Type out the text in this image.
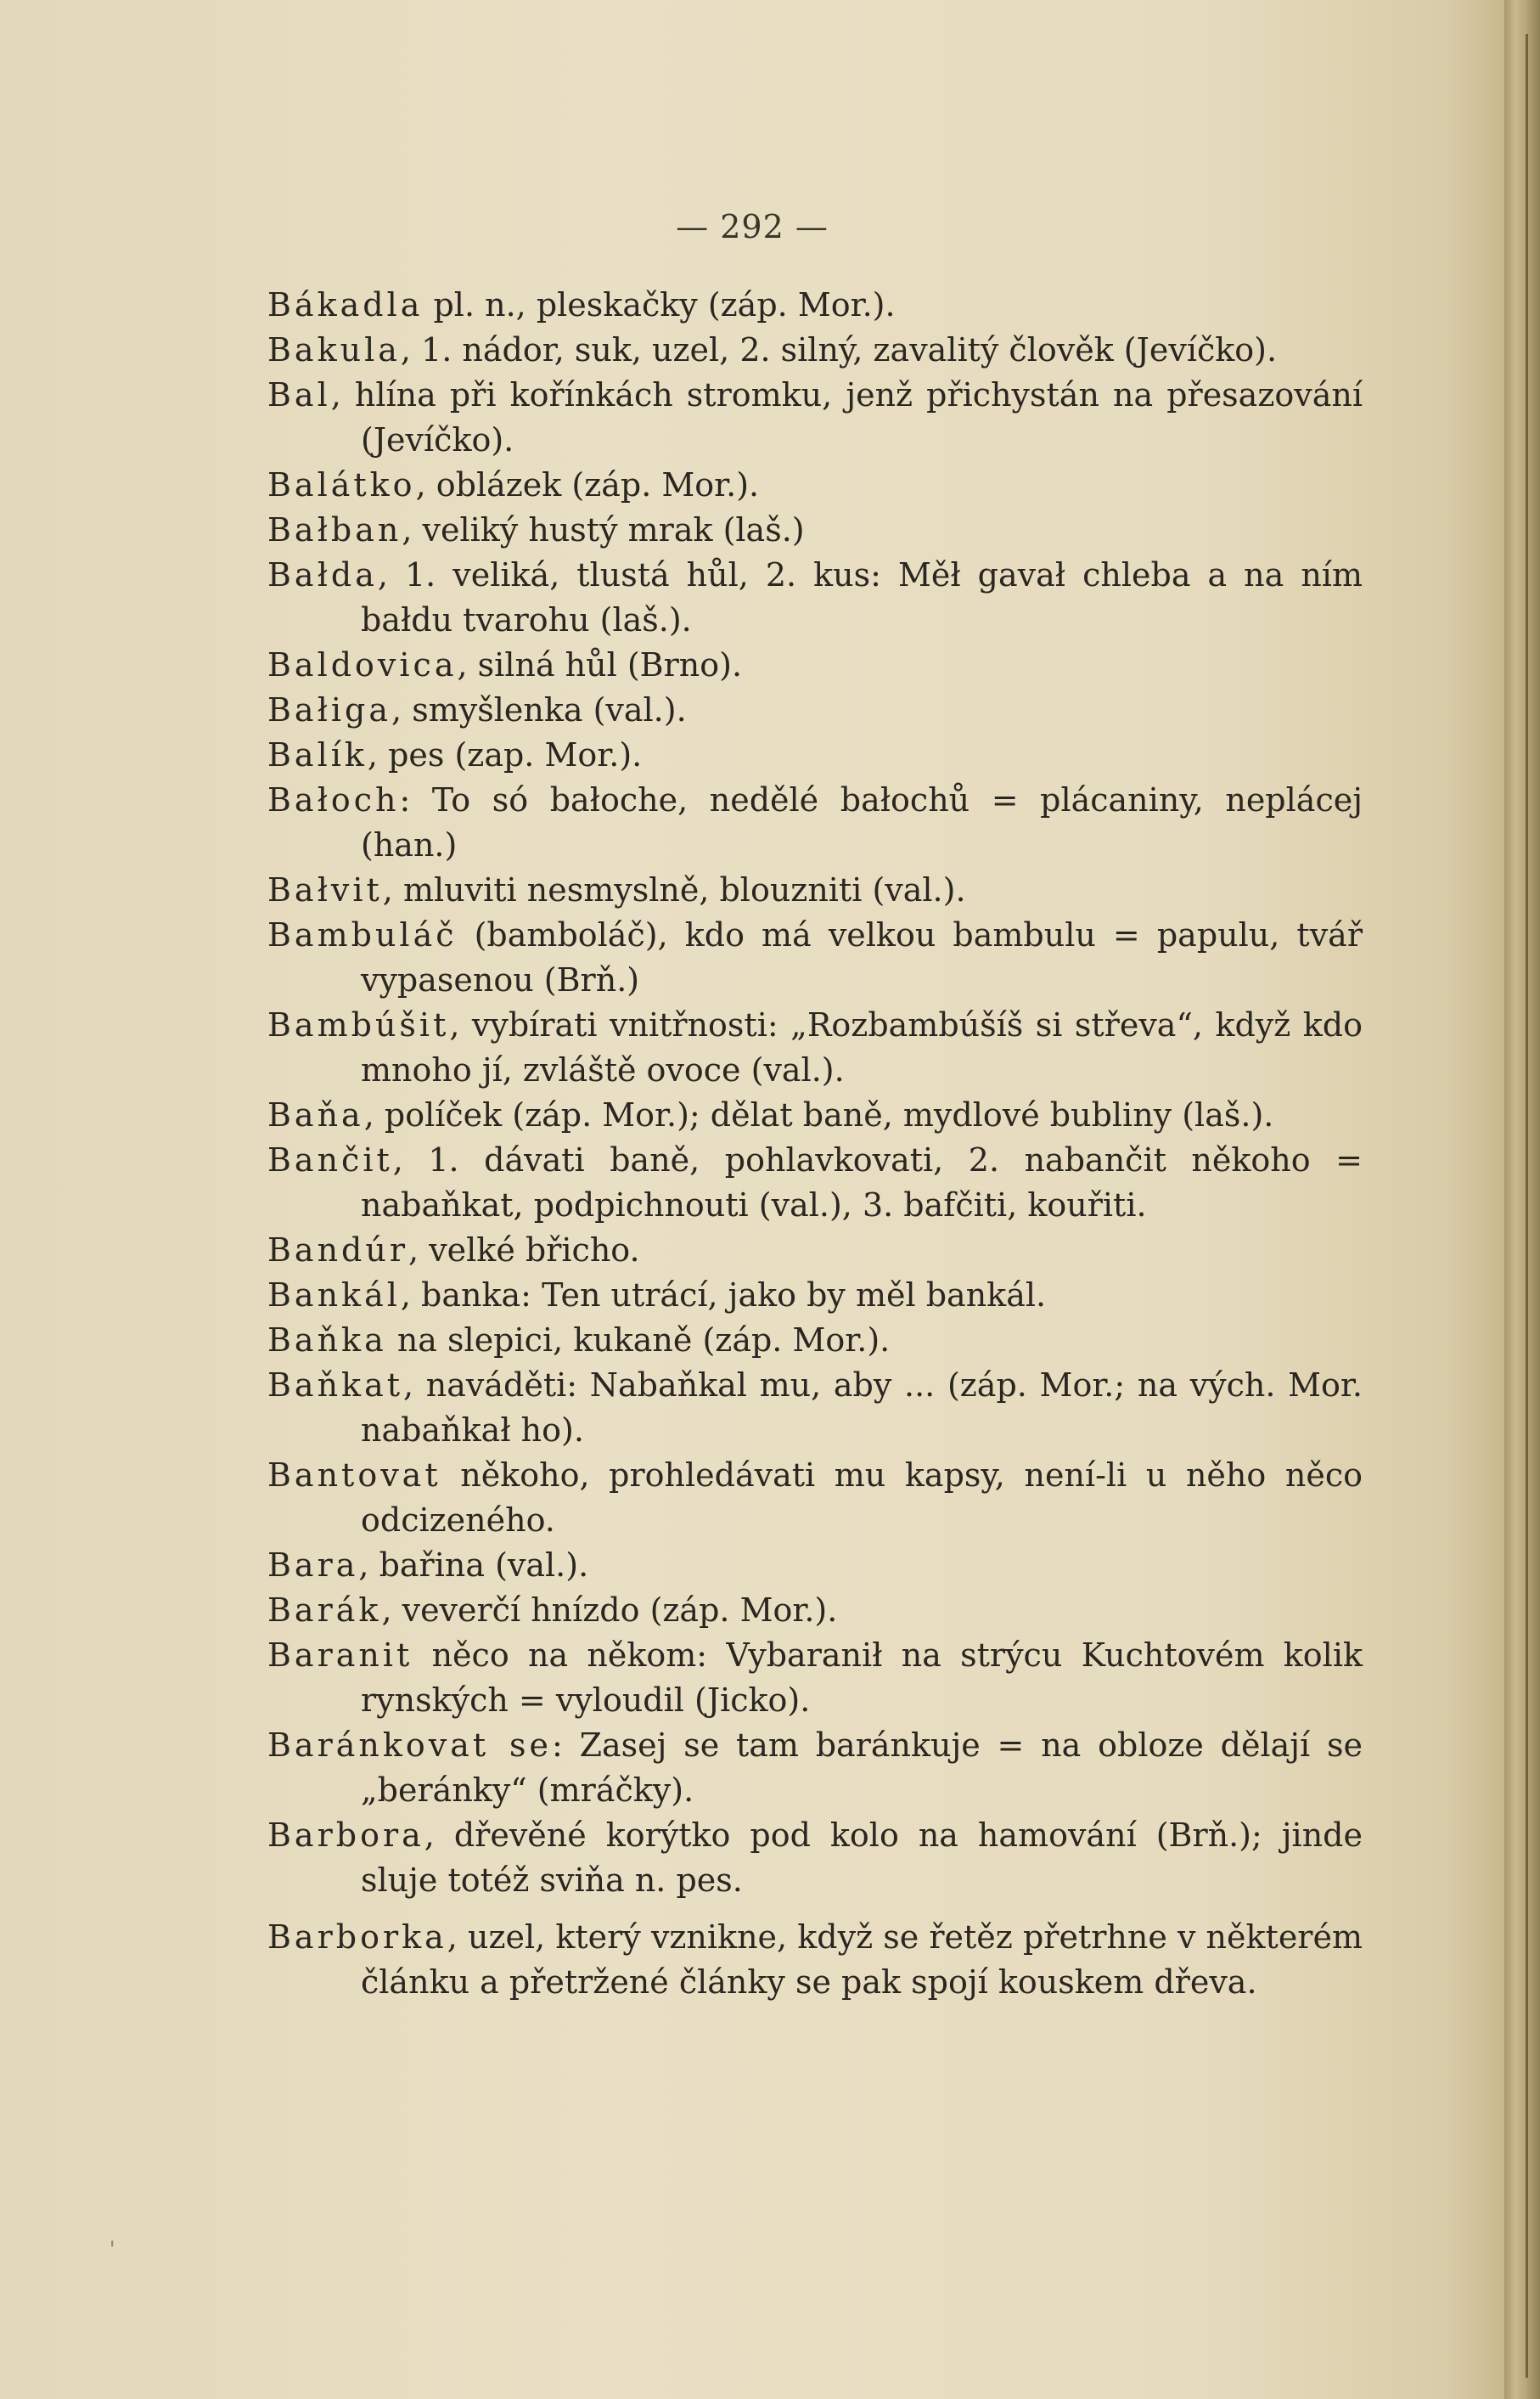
— 292 —

Bákadla pl. n., pleskačky (záp. Mor.).

Bakula, 1. nádor, suk, uzel, 2. silný, zavalitý člověk (Jevíčko).

Bal, hlína při kořínkách stromku, jenž přichystán na přesazování (Jevíčko).

Balátko, oblázek (záp. Mor.).

Bałban, veliký hustý mrak (laš.)

Bałda, 1. veliká, tlustá hůl, 2. kus: Měł gavał chleba a na ním bałdu tvarohu (laš.).

Baldovica, silná hůl (Brno).

Bałiga, smyšlenka (val.).

Balík, pes (zap. Mor.).

Bałoch: To só bałoche, nedělé bałochů = plácaniny, neplácej (han.)

Bałvit, mluviti nesmyslně, blouzniti (val.).

Bambuláč (bamboláč), kdo má velkou bambulu = papulu, tvář vypasenou (Brň.)

Bambúšit, vybírati vnitřnosti: „Rozbambúšíš si střeva“, když kdo mnoho jí, zvláště ovoce (val.).

Baňa, políček (záp. Mor.); dělat baně, mydlové bubliny (laš.).

Bančit, 1. dávati baně, pohlavkovati, 2. nabančit někoho = nabaňkat, podpichnouti (val.), 3. bafčiti, kouřiti.

Bandúr, velké břicho.

Bankál, banka: Ten utrácí, jako by měl bankál.

Baňka na slepici, kukaně (záp. Mor.).

Baňkat, naváděti: Nabaňkal mu, aby ... (záp. Mor.; na vých. Mor. nabaňkał ho).

Bantovat někoho, prohledávati mu kapsy, není-li u něho něco odcizeného.

Bara, bařina (val.).

Barák, veverčí hnízdo (záp. Mor.).

Baranit něco na někom: Vybaranił na strýcu Kuchtovém kolik rynských = vyloudil (Jicko).

Baránkovat se: Zasej se tam baránkuje = na obloze dělají se „beránky“ (mráčky).

Barbora, dřevěné korýtko pod kolo na hamování (Brň.); jinde sluje totéž sviňa n. pes.

Barborka, uzel, který vznikne, když se řetěz přetrhne v některém článku a přetržené články se pak spojí kouskem dřeva.

ˌ
